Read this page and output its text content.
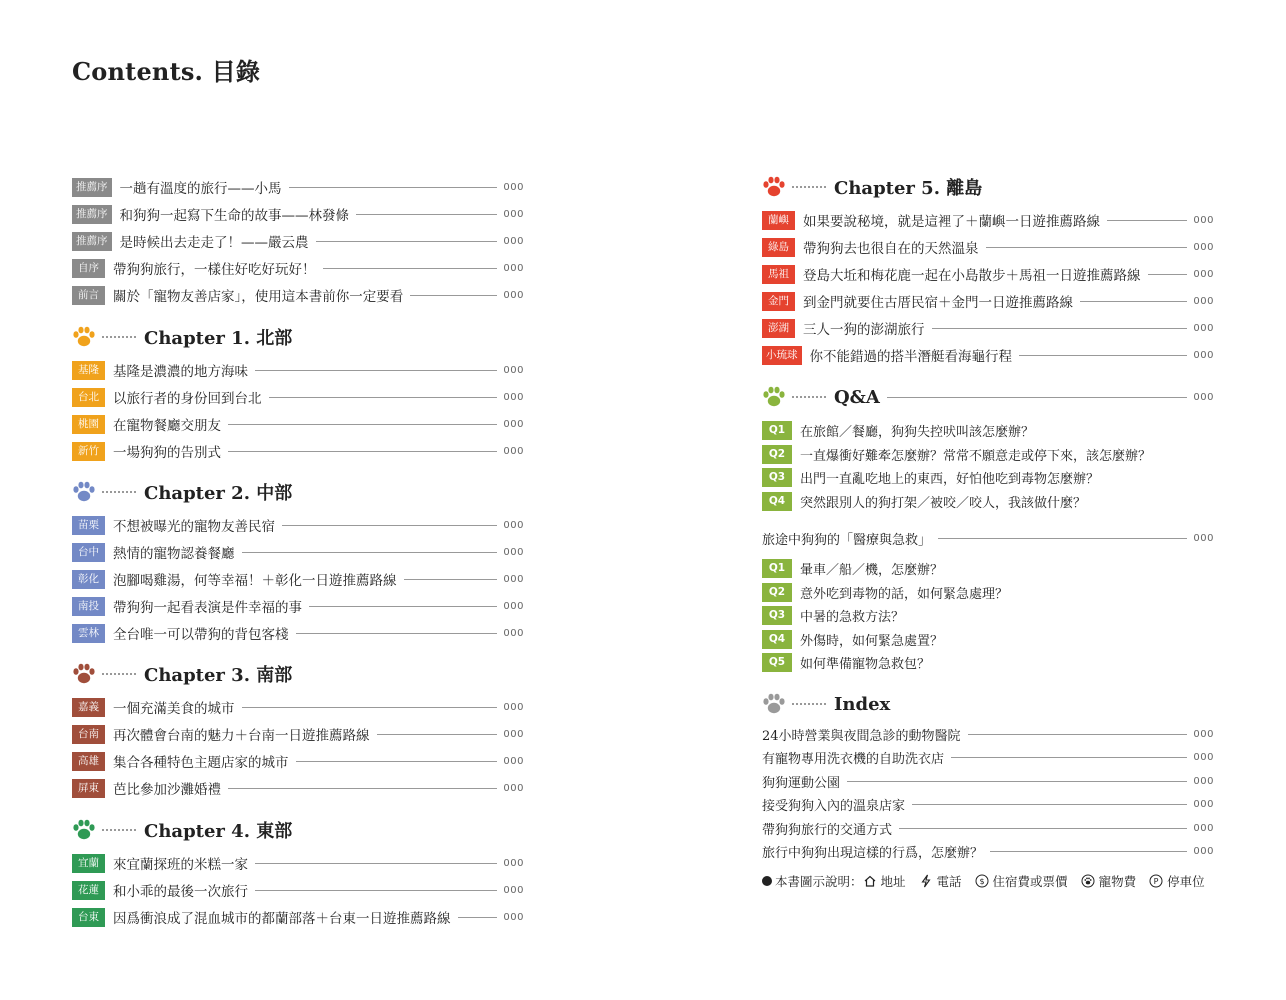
Contents. 目錄
推薦序 一趟有溫度的旅行——小馬	000
推薦序 和狗狗一起寫下生命的故事——林發條	000
推薦序 是時候出去走走了！——嚴云農	000
自序	帶狗狗旅行，一樣住好吃好玩好！	000
前言	關於「寵物友善店家」，使用這本書前你一定要看	000
Chapter 1. 北部
基隆	基隆是濃濃的地方海味	000
台北	以旅行者的身份回到台北	000
桃園	在寵物餐廳交朋友	000
新竹	一場狗狗的告別式	000
Chapter 2. 中部
苗栗	不想被曝光的寵物友善民宿	000
台中	熱情的寵物認養餐廳	000
彰化	泡腳喝雞湯，何等幸福！＋彰化一日遊推薦路線	000
南投	帶狗狗一起看表演是件幸福的事	000
雲林	全台唯一可以帶狗的背包客棧	000
Chapter 3. 南部
嘉義	一個充滿美食的城市	000
台南	再次體會台南的魅力＋台南一日遊推薦路線	000
高雄	集合各種特色主題店家的城市	000
屏東	芭比參加沙灘婚禮	000
Chapter 4. 東部
宜蘭	來宜蘭探班的米糕一家	000
花蓮	和小乖的最後一次旅行	000
台東	因爲衝浪成了混血城市的都蘭部落＋台東一日遊推薦路線	000
Chapter 5. 離島
蘭嶼	如果要說秘境，就是這裡了＋蘭嶼一日遊推薦路線	000
綠島	帶狗狗去也很自在的天然溫泉	000
馬祖	登島大坵和梅花鹿一起在小島散步＋馬祖一日遊推薦路線	000
金門	到金門就要住古厝民宿＋金門一日遊推薦路線	000
澎湖	三人一狗的澎湖旅行	000
小琉球 你不能錯過的搭半潛艇看海龜行程	000
Q&A	000
Q1	在旅館／餐廳，狗狗失控吠叫該怎麼辦？
Q2	一直爆衝好難牽怎麼辦？常常不願意走或停下來，該怎麼辦？
Q3	出門一直亂吃地上的東西，好怕他吃到毒物怎麼辦？
Q4	突然跟別人的狗打架／被咬／咬人，我該做什麼？
旅途中狗狗的「醫療與急救」	000
Q1	暈車／船／機，怎麼辦？
Q2	意外吃到毒物的話，如何緊急處理？
Q3	中暑的急救方法？
Q4	外傷時，如何緊急處置？
Q5	如何準備寵物急救包？
Index
24小時營業與夜間急診的動物醫院	000
有寵物專用洗衣機的自助洗衣店	000
狗狗運動公園	000
接受狗狗入內的溫泉店家	000
帶狗狗旅行的交通方式	000
旅行中狗狗出現這樣的行爲，怎麼辦？	000
本書圖示說明： 地址 電話 $ 住宿費或票價 寵物費 P 停車位
